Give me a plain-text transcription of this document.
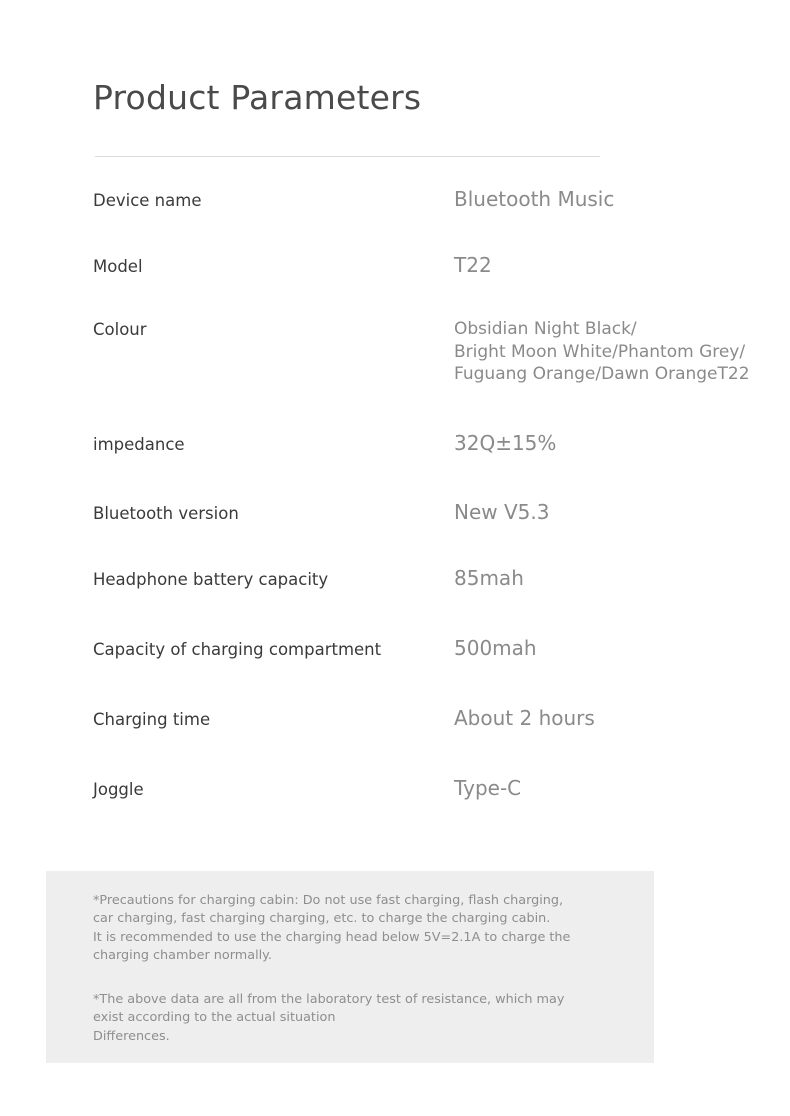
Product Parameters
Device name	Bluetooth Music
Model	T22
Colour	Obsidian Night Black/
Bright Moon White/Phantom Grey/
Fuguang Orange/Dawn OrangeT22
impedance	32Q±15%
Bluetooth version	New V5.3
Headphone battery capacity	85mah
Capacity of charging compartment	500mah
Charging time	About 2 hours
Joggle	Type-C
*Precautions for charging cabin: Do not use fast charging, flash charging,
car charging, fast charging charging, etc. to charge the charging cabin.
It is recommended to use the charging head below 5V=2.1A to charge the
charging chamber normally.
*The above data are all from the laboratory test of resistance, which may
exist according to the actual situation
Differences.
